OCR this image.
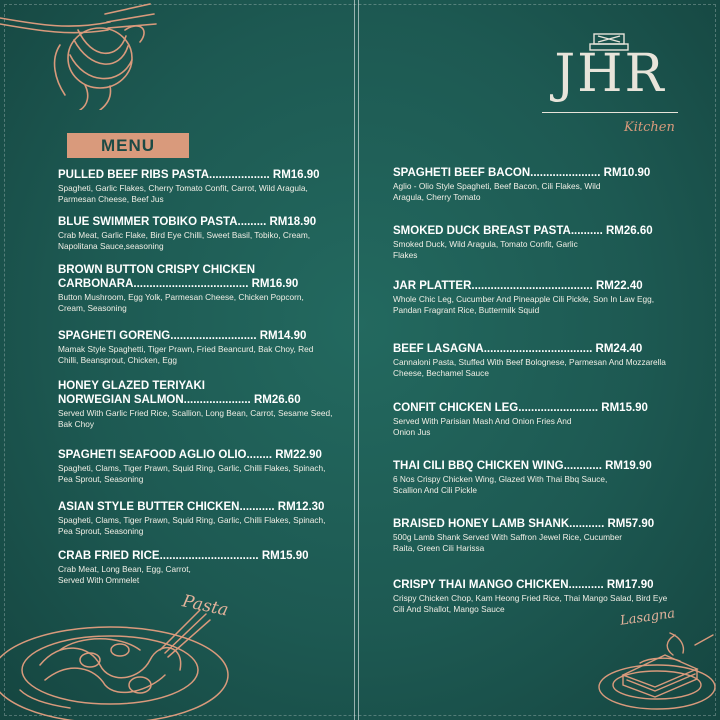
MENU
JHR
Kitchen
PULLED BEEF RIBS PASTA................... RM16.90
Spagheti, Garlic Flakes, Cherry Tomato Confit, Carrot, Wild Aragula, Parmesan Cheese, Beef Jus
BLUE SWIMMER TOBIKO PASTA......... RM18.90
Crab Meat, Garlic Flake, Bird Eye Chilli, Sweet Basil, Tobiko, Cream, Napolitana Sauce,seasoning
BROWN BUTTON CRISPY CHICKEN
CARBONARA.................................... RM16.90
Button Mushroom, Egg Yolk, Parmesan Cheese, Chicken Popcorn, Cream, Seasoning
SPAGHETI GORENG........................... RM14.90
Mamak Style Spaghetti, Tiger Prawn, Fried Beancurd, Bak Choy, Red Chilli, Beansprout, Chicken, Egg
HONEY GLAZED TERIYAKI
NORWEGIAN SALMON..................... RM26.60
Served With Garlic Fried Rice, Scallion, Long Bean, Carrot, Sesame Seed, Bak Choy
SPAGHETI SEAFOOD AGLIO OLIO........ RM22.90
Spagheti, Clams, Tiger Prawn, Squid Ring, Garlic, Chilli Flakes, Spinach, Pea Sprout, Seasoning
ASIAN STYLE BUTTER CHICKEN........... RM12.30
Spagheti, Clams, Tiger Prawn, Squid Ring, Garlic, Chilli Flakes, Spinach, Pea Sprout, Seasoning
CRAB FRIED RICE............................... RM15.90
Crab Meat, Long Bean, Egg, Carrot, Served With Ommelet
SPAGHETI BEEF BACON...................... RM10.90
Aglio - Olio Style Spagheti, Beef Bacon, Cili Flakes, Wild Aragula, Cherry Tomato
SMOKED DUCK BREAST PASTA.......... RM26.60
Smoked Duck, Wild Aragula, Tomato Confit, Garlic Flakes
JAR PLATTER...................................... RM22.40
Whole Chic Leg, Cucumber And Pineapple Cili Pickle, Son In Law Egg, Pandan Fragrant Rice, Buttermilk Squid
BEEF LASAGNA.................................. RM24.40
Cannaloni Pasta, Stuffed With Beef Bolognese, Parmesan And Mozzarella Cheese, Bechamel Sauce
CONFIT CHICKEN LEG......................... RM15.90
Served With Parisian Mash And Onion Fries And Onion Jus
THAI CILI BBQ CHICKEN WING............ RM19.90
6 Nos Crispy Chicken Wing, Glazed With Thai Bbq Sauce, Scallion And Cili Pickle
BRAISED HONEY LAMB SHANK........... RM57.90
500g Lamb Shank Served With Saffron Jewel Rice, Cucumber Raita, Green Cili Harissa
CRISPY THAI MANGO CHICKEN........... RM17.90
Crispy Chicken Chop, Kam Heong Fried Rice, Thai Mango Salad, Bird Eye Cili And Shallot, Mango Sauce
Pasta	Lasagna
